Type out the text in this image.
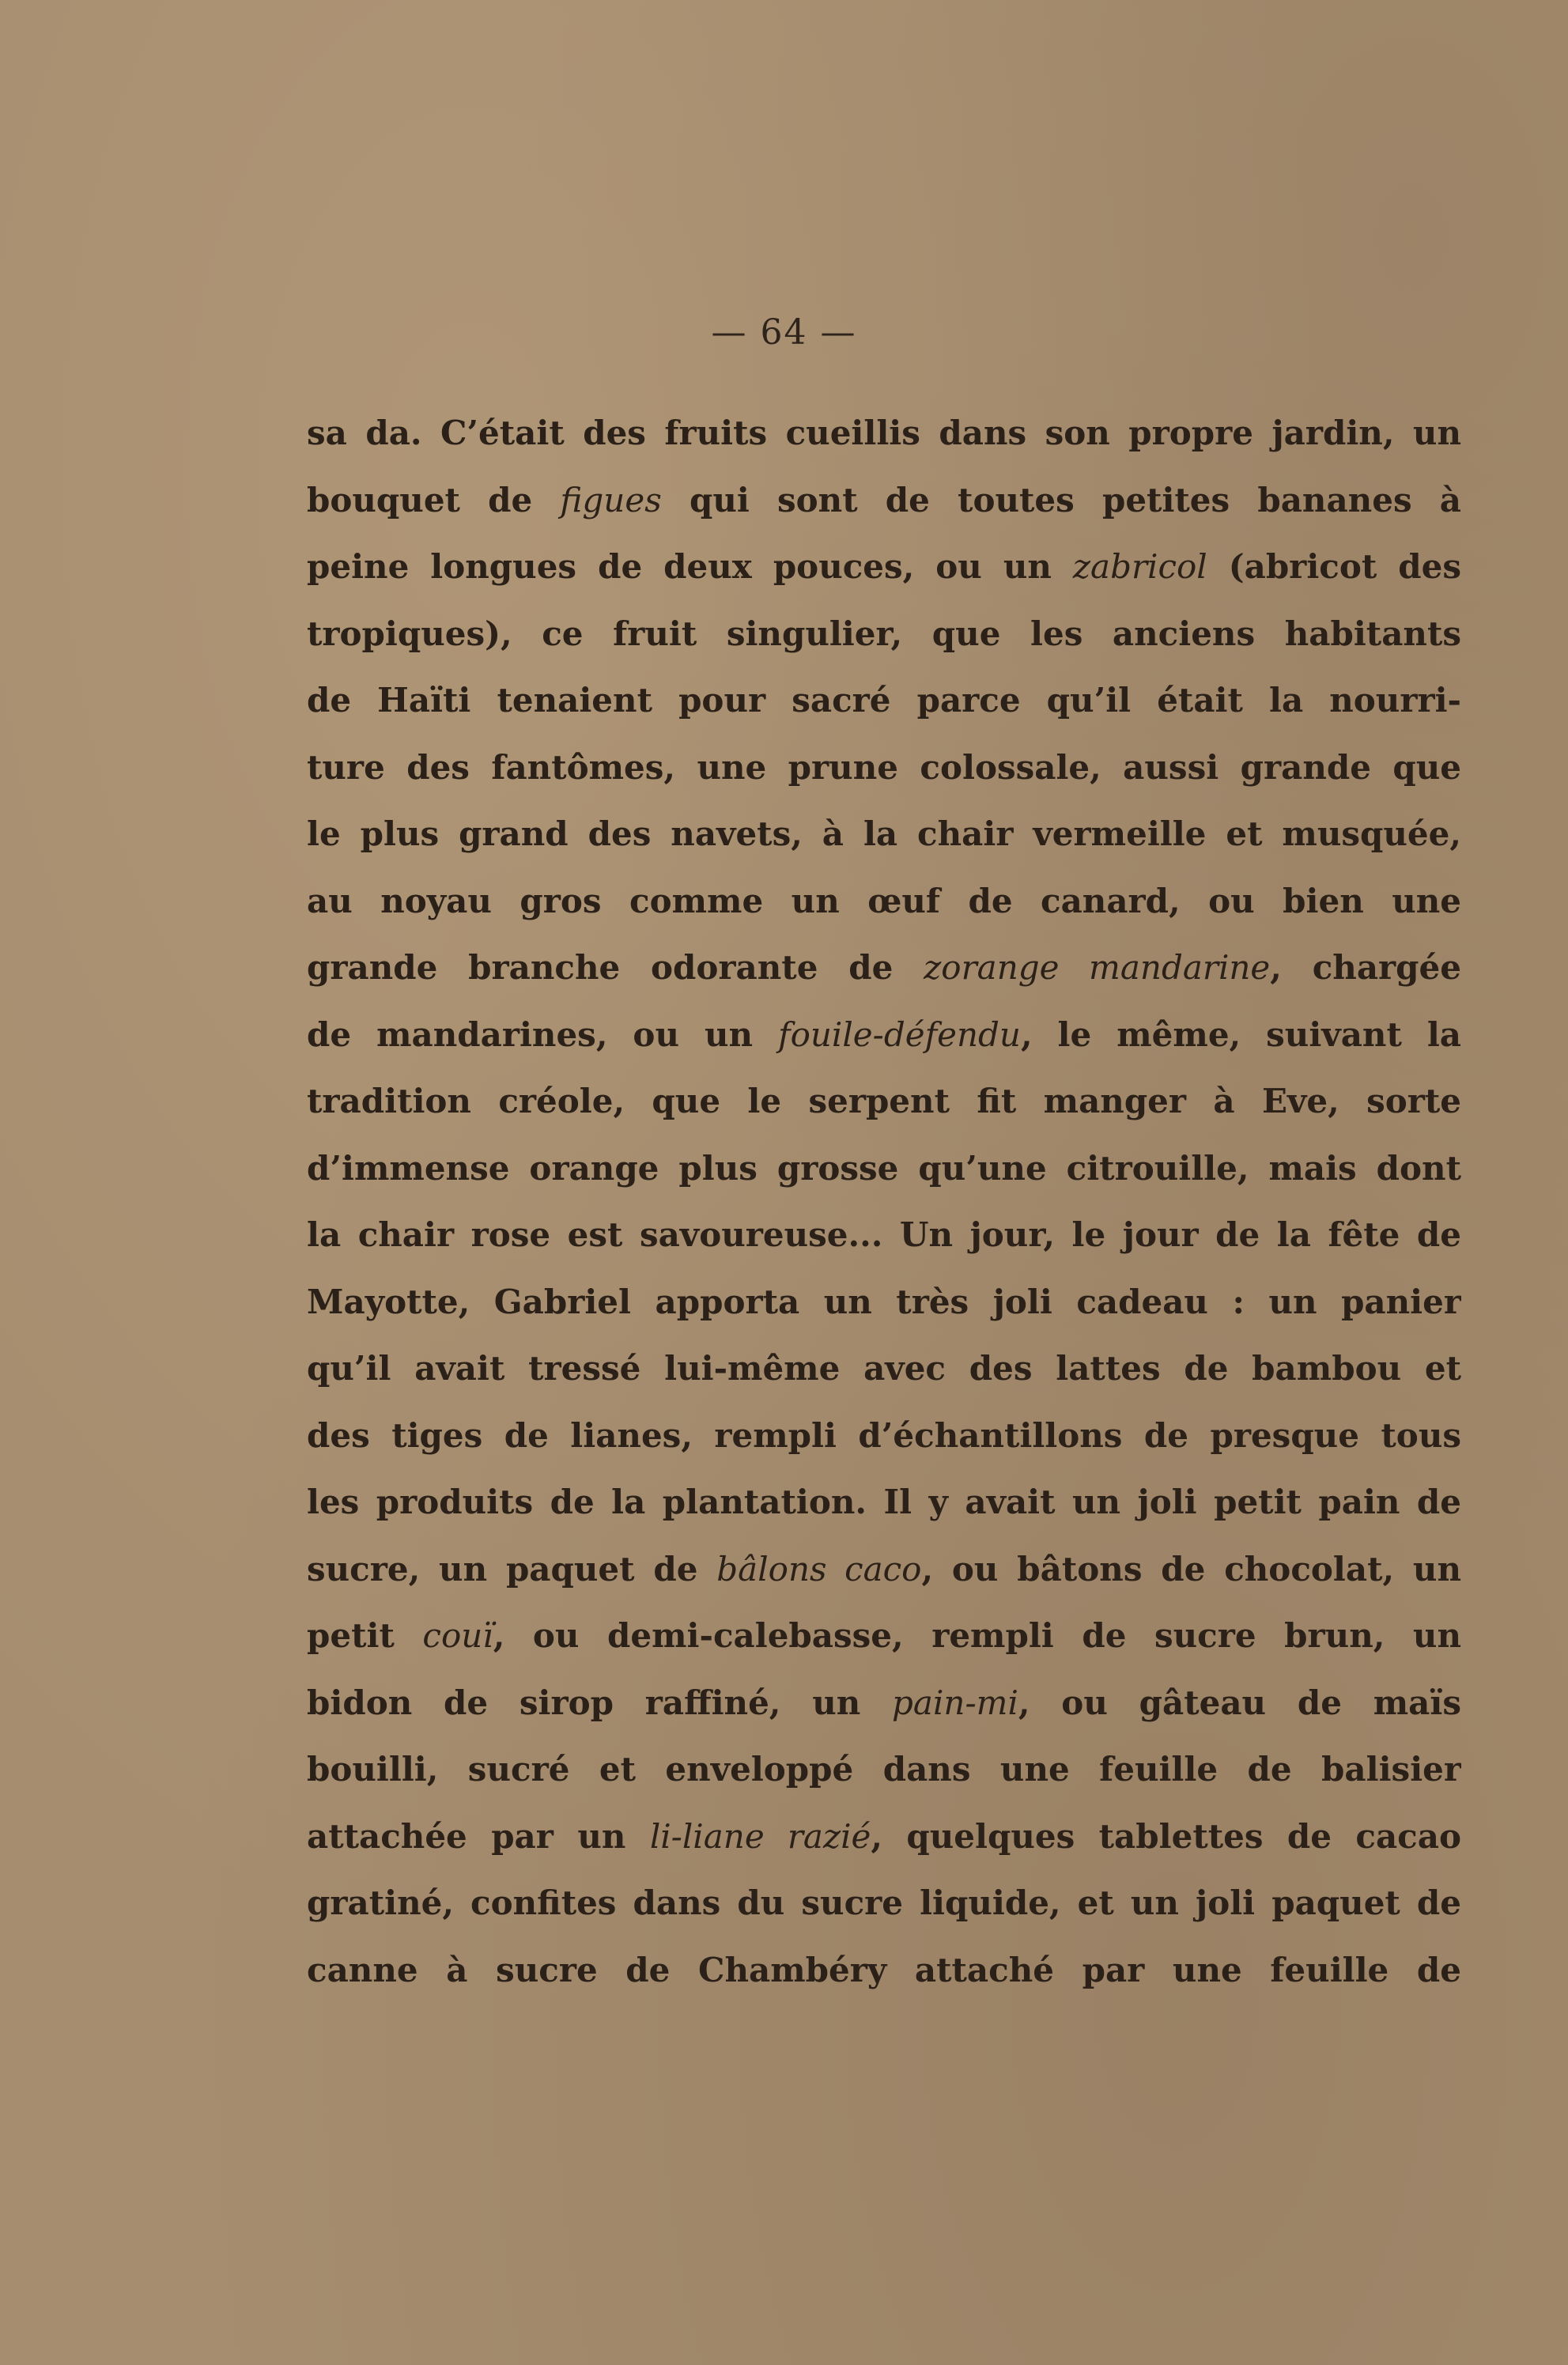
— 64 —
sa da. C’était des fruits cueillis dans son propre jardin, un
bouquet de figues qui sont de toutes petites bananes à
peine longues de deux pouces, ou un zabricol (abricot des
tropiques), ce fruit singulier, que les anciens habitants
de Haïti tenaient pour sacré parce qu’il était la nourri-
ture des fantômes, une prune colossale, aussi grande que
le plus grand des navets, à la chair vermeille et musquée,
au noyau gros comme un œuf de canard, ou bien une
grande branche odorante de zorange mandarine, chargée
de mandarines, ou un fouile-défendu, le même, suivant la
tradition créole, que le serpent fit manger à Eve, sorte
d’immense orange plus grosse qu’une citrouille, mais dont
la chair rose est savoureuse... Un jour, le jour de la fête de
Mayotte, Gabriel apporta un très joli cadeau : un panier
qu’il avait tressé lui-même avec des lattes de bambou et
des tiges de lianes, rempli d’échantillons de presque tous
les produits de la plantation. Il y avait un joli petit pain de
sucre, un paquet de bâlons caco, ou bâtons de chocolat, un
petit couï, ou demi-calebasse, rempli de sucre brun, un
bidon de sirop raffiné, un pain-mi, ou gâteau de maïs
bouilli, sucré et enveloppé dans une feuille de balisier
attachée par un li-liane razié, quelques tablettes de cacao
gratiné, confites dans du sucre liquide, et un joli paquet de
canne à sucre de Chambéry attaché par une feuille de
